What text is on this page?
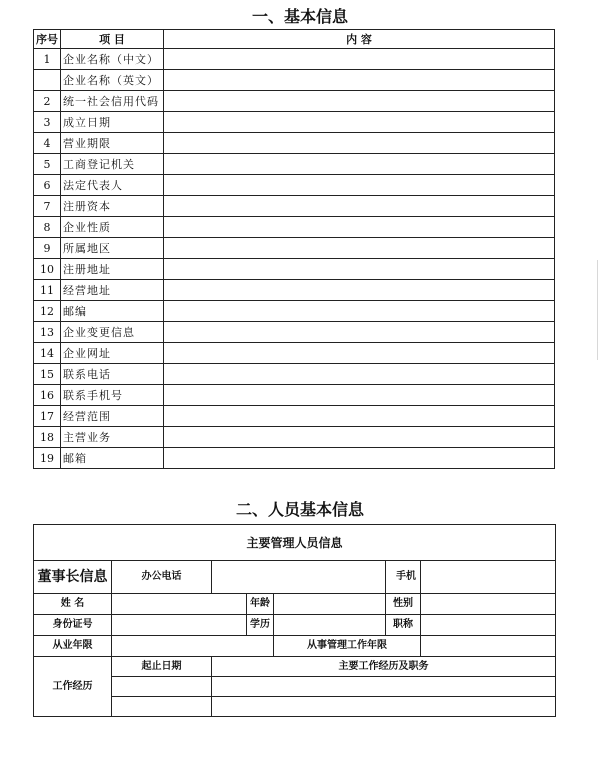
一、基本信息
序号	项 目	内 容
1	企业名称（中文）	
	企业名称（英文）	
2	统一社会信用代码	
3	成立日期	
4	营业期限	
5	工商登记机关	
6	法定代表人	
7	注册资本	
8	企业性质	
9	所属地区	
10	注册地址	
11	经营地址	
12	邮编	
13	企业变更信息	
14	企业网址	
15	联系电话	
16	联系手机号	
17	经营范围	
18	主营业务	
19	邮箱	
二、人员基本信息
主要管理人员信息						
董事长信息	办公电话				手机	
姓 名			年龄		性别	
身份证号			学历		职称	
从业年限				从事管理工作年限		
工作经历	起止日期	主要工作经历及职务				
